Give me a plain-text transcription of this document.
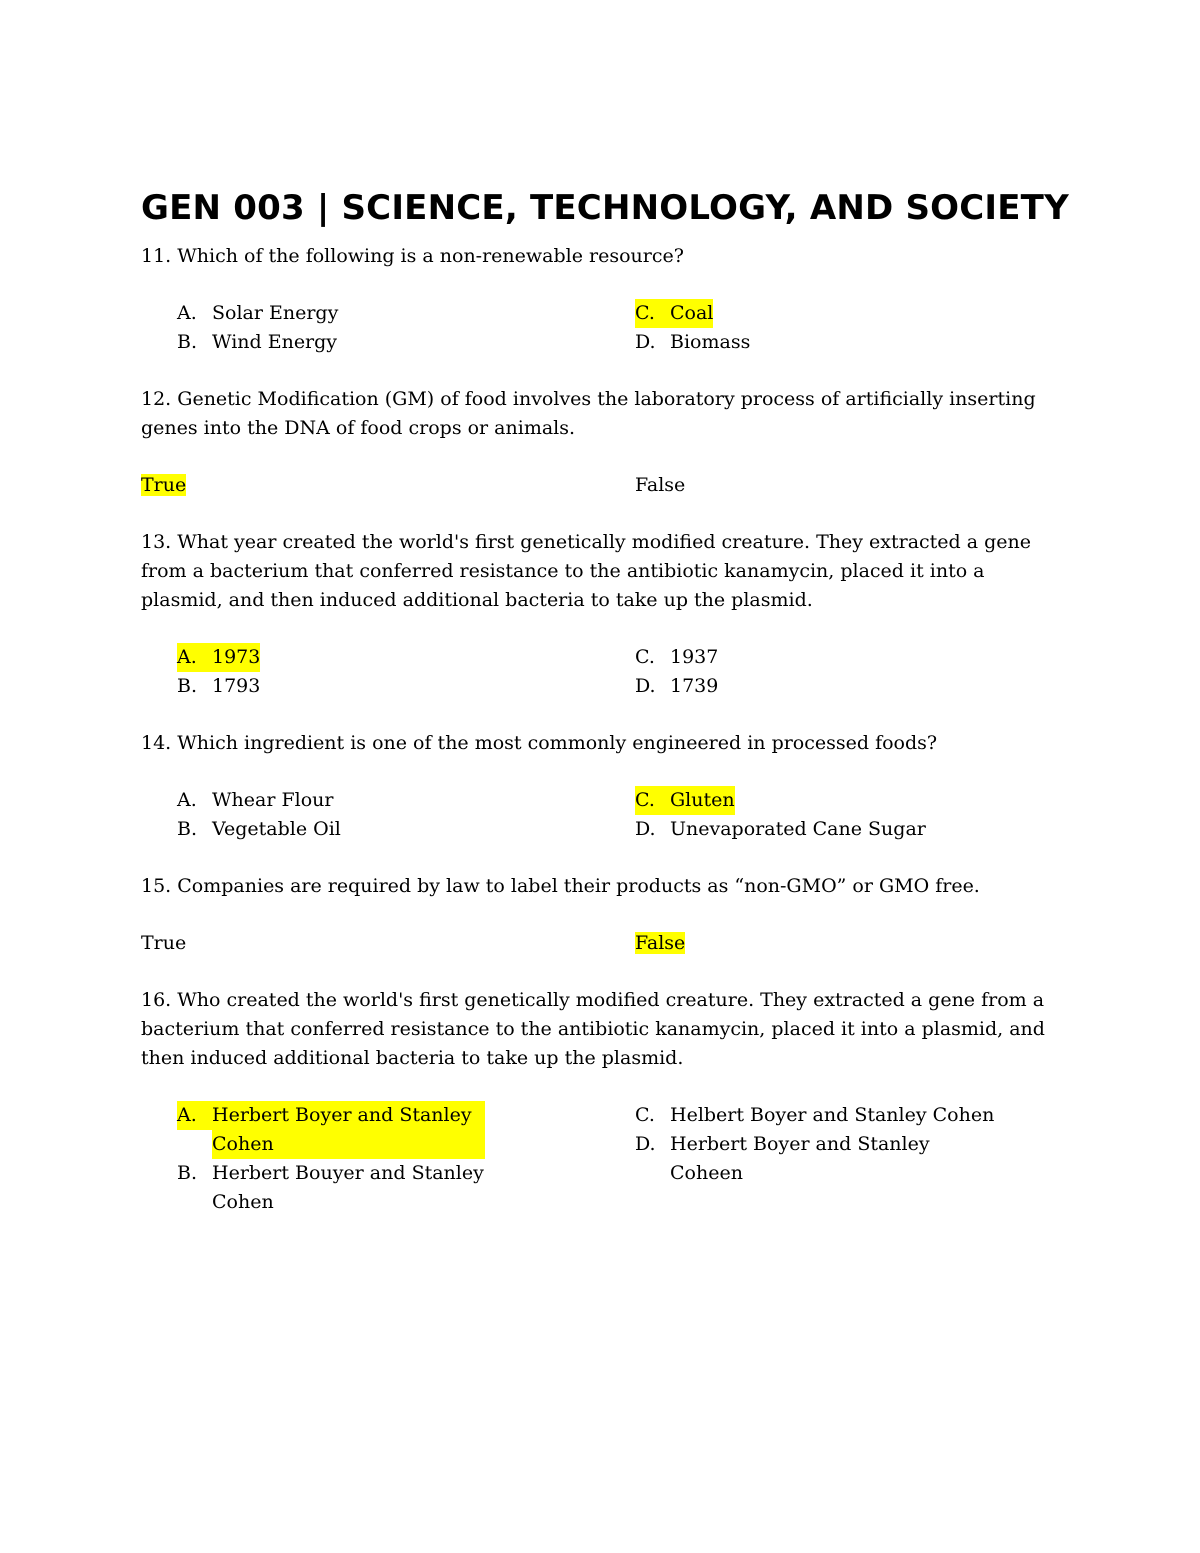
GEN 003 | SCIENCE, TECHNOLOGY, AND SOCIETY

11. Which of the following is a non-renewable resource?

A. Solar Energy
B. Wind Energy
C. Coal
D. Biomass

12. Genetic Modification (GM) of food involves the laboratory process of artificially inserting genes into the DNA of food crops or animals.

True	False

13. What year created the world's first genetically modified creature. They extracted a gene from a bacterium that conferred resistance to the antibiotic kanamycin, placed it into a plasmid, and then induced additional bacteria to take up the plasmid.

A. 1973
B. 1793
C. 1937
D. 1739

14. Which ingredient is one of the most commonly engineered in processed foods?

A. Whear Flour
B. Vegetable Oil
C. Gluten
D. Unevaporated Cane Sugar

15. Companies are required by law to label their products as “non-GMO” or GMO free.

True	False

16. Who created the world's first genetically modified creature. They extracted a gene from a bacterium that conferred resistance to the antibiotic kanamycin, placed it into a plasmid, and then induced additional bacteria to take up the plasmid.

A. Herbert Boyer and Stanley Cohen
B. Herbert Bouyer and Stanley Cohen
C. Helbert Boyer and Stanley Cohen
D. Herbert Boyer and Stanley Coheen
